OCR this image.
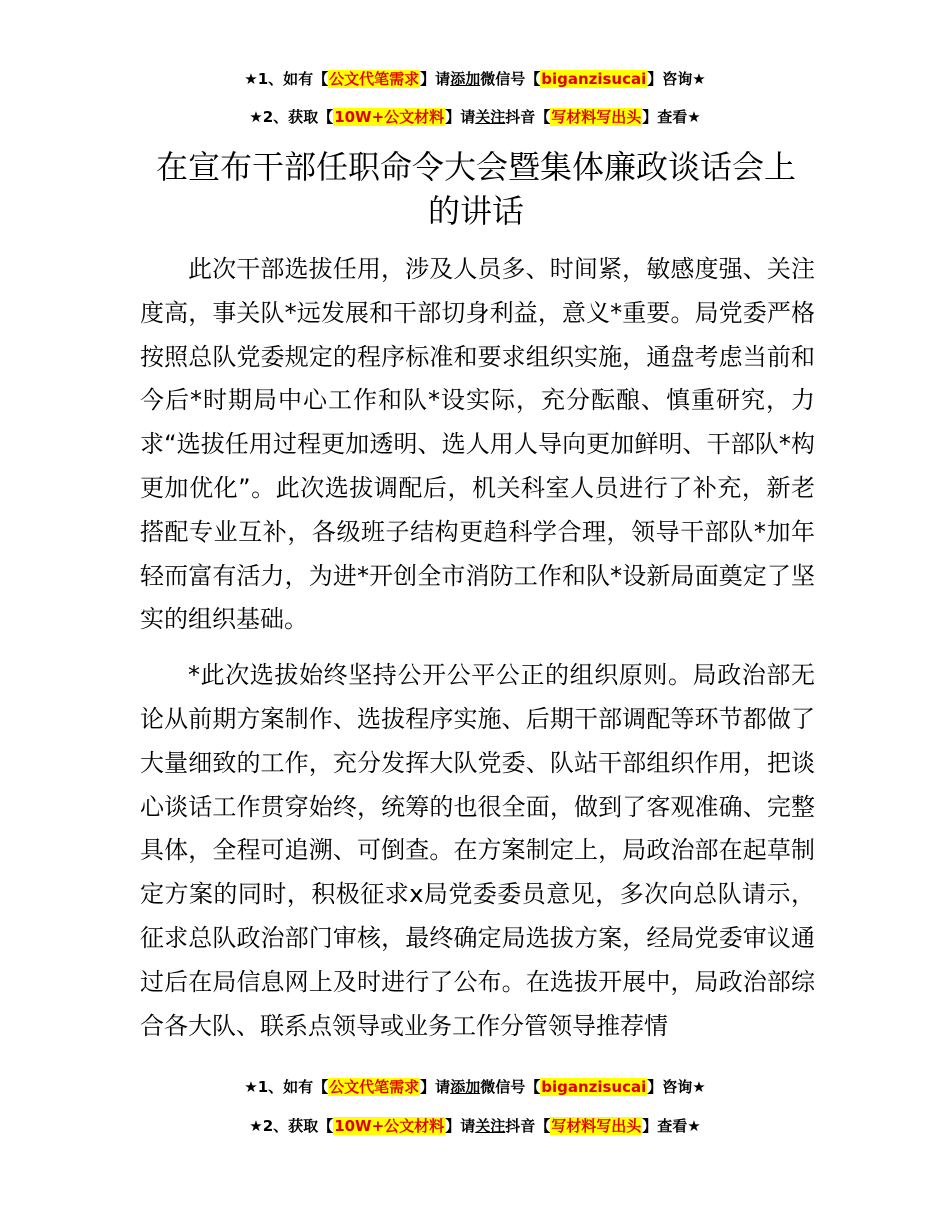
★1、如有【公文代笔需求】请添加微信号【biganzisucai】咨询★
★2、获取【10W+公文材料】请关注抖音【写材料写出头】查看★
在宣布干部任职命令大会暨集体廉政谈话会上
的讲话

此次干部选拔任用，涉及人员多、时间紧，敏感度强、关注度高，事关队*远发展和干部切身利益，意义*重要。局党委严格按照总队党委规定的程序标准和要求组织实施，通盘考虑当前和今后*时期局中心工作和队*设实际，充分酝酿、慎重研究，力求“选拔任用过程更加透明、选人用人导向更加鲜明、干部队*构更加优化”。此次选拔调配后，机关科室人员进行了补充，新老搭配专业互补，各级班子结构更趋科学合理，领导干部队*加年轻而富有活力，为进*开创全市消防工作和队*设新局面奠定了坚实的组织基础。

*此次选拔始终坚持公开公平公正的组织原则。局政治部无论从前期方案制作、选拔程序实施、后期干部调配等环节都做了大量细致的工作，充分发挥大队党委、队站干部组织作用，把谈心谈话工作贯穿始终，统筹的也很全面，做到了客观准确、完整具体，全程可追溯、可倒查。在方案制定上，局政治部在起草制定方案的同时，积极征求x局党委委员意见，多次向总队请示，征求总队政治部门审核，最终确定局选拔方案，经局党委审议通过后在局信息网上及时进行了公布。在选拔开展中，局政治部综合各大队、联系点领导或业务工作分管领导推荐情

★1、如有【公文代笔需求】请添加微信号【biganzisucai】咨询★
★2、获取【10W+公文材料】请关注抖音【写材料写出头】查看★
